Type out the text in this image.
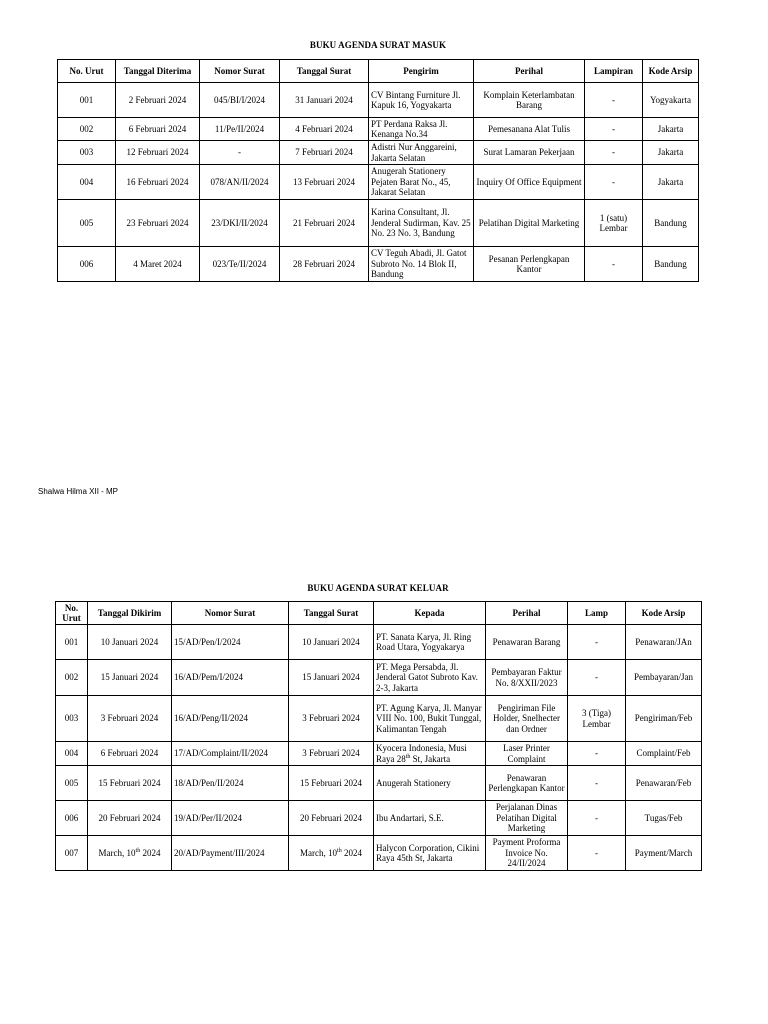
BUKU AGENDA SURAT MASUK
No. Urut	Tanggal Diterima	Nomor Surat	Tanggal Surat	Pengirim	Perihal	Lampiran	Kode Arsip
001	2 Februari 2024	045/BI/I/2024	31 Januari 2024	CV Bintang Furniture Jl. Kapuk 16, Yogyakarta	Komplain Keterlambatan Barang	-	Yogyakarta
002	6 Februari 2024	11/Pe/II/2024	4 Februari 2024	PT Perdana Raksa Jl. Kenanga No.34	Pemesanana Alat Tulis	-	Jakarta
003	12 Februari 2024	-	7 Februari 2024	Adistri Nur Anggareini, Jakarta Selatan	Surat Lamaran Pekerjaan	-	Jakarta
004	16 Februari 2024	078/AN/II/2024	13 Februari 2024	Anugerah Stationery Pejaten Barat No., 45, Jakarat Selatan	Inquiry Of Office Equipment	-	Jakarta
005	23 Februari 2024	23/DKI/II/2024	21 Februari 2024	Karina Consultant, Jl. Jenderal Sudirman, Kav. 25 No. 23 No. 3, Bandung	Pelatihan Digital Marketing	1 (satu) Lembar	Bandung
006	4 Maret 2024	023/Te/II/2024	28 Februari 2024	CV Teguh Abadi, Jl. Gatot Subroto No. 14 Blok II, Bandung	Pesanan Perlengkapan Kantor	-	Bandung
Shalwa Hilma XII - MP
BUKU AGENDA SURAT KELUAR
No. Urut	Tanggal Dikirim	Nomor Surat	Tanggal Surat	Kepada	Perihal	Lamp	Kode Arsip
001	10 Januari 2024	15/AD/Pen/I/2024	10 Januari 2024	PT. Sanata Karya, Jl. Ring Road Utara, Yogyakarya	Penawaran Barang	-	Penawaran/JAn
002	15 Januari 2024	16/AD/Pem/I/2024	15 Januari 2024	PT. Mega Persabda, Jl. Jenderal Gatot Subroto Kav. 2-3, Jakarta	Pembayaran Faktur No. 8/XXII/2023	-	Pembayaran/Jan
003	3 Februari 2024	16/AD/Peng/II/2024	3 Februari 2024	PT. Agung Karya, Jl. Manyar VIII No. 100, Bukit Tunggal, Kalimantan Tengah	Pengiriman File Holder, Snelhecter dan Ordner	3 (Tiga) Lembar	Pengiriman/Feb
004	6 Februari 2024	17/AD/Complaint/II/2024	3 Februari 2024	Kyocera Indonesia, Musi Raya 28th St, Jakarta	Laser Printer Complaint	-	Complaint/Feb
005	15 Februari 2024	18/AD/Pen/II/2024	15 Februari 2024	Anugerah Stationery	Penawaran Perlengkapan Kantor	-	Penawaran/Feb
006	20 Februari 2024	19/AD/Per/II/2024	20 Februari 2024	Ibu Andartari, S.E.	Perjalanan Dinas Pelatihan Digital Marketing	-	Tugas/Feb
007	March, 10th 2024	20/AD/Payment/III/2024	March, 10th 2024	Halycon Corporation, Cikini Raya 45th St, Jakarta	Payment Proforma Invoice No. 24/II/2024	-	Payment/March
